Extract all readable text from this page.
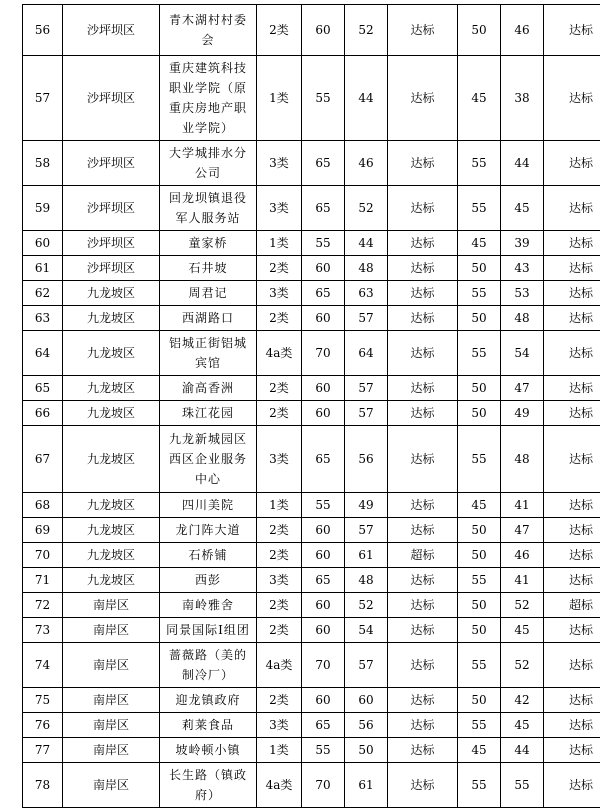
56	沙坪坝区	青木湖村村委会	2类	60	52	达标	50	46	达标
57	沙坪坝区	重庆建筑科技职业学院（原重庆房地产职业学院）	1类	55	44	达标	45	38	达标
58	沙坪坝区	大学城排水分公司	3类	65	46	达标	55	44	达标
59	沙坪坝区	回龙坝镇退役军人服务站	3类	65	52	达标	55	45	达标
60	沙坪坝区	童家桥	1类	55	44	达标	45	39	达标
61	沙坪坝区	石井坡	2类	60	48	达标	50	43	达标
62	九龙坡区	周君记	3类	65	63	达标	55	53	达标
63	九龙坡区	西湖路口	2类	60	57	达标	50	48	达标
64	九龙坡区	铝城正街铝城宾馆	4a类	70	64	达标	55	54	达标
65	九龙坡区	渝高香洲	2类	60	57	达标	50	47	达标
66	九龙坡区	珠江花园	2类	60	57	达标	50	49	达标
67	九龙坡区	九龙新城园区西区企业服务中心	3类	65	56	达标	55	48	达标
68	九龙坡区	四川美院	1类	55	49	达标	45	41	达标
69	九龙坡区	龙门阵大道	2类	60	57	达标	50	47	达标
70	九龙坡区	石桥铺	2类	60	61	超标	50	46	达标
71	九龙坡区	西彭	3类	65	48	达标	55	41	达标
72	南岸区	南岭雅舍	2类	60	52	达标	50	52	超标
73	南岸区	同景国际Ⅰ组团	2类	60	54	达标	50	45	达标
74	南岸区	蔷薇路（美的制冷厂）	4a类	70	57	达标	55	52	达标
75	南岸区	迎龙镇政府	2类	60	60	达标	50	42	达标
76	南岸区	莉莱食品	3类	65	56	达标	55	45	达标
77	南岸区	坡岭顿小镇	1类	55	50	达标	45	44	达标
78	南岸区	长生路（镇政府）	4a类	70	61	达标	55	55	达标
